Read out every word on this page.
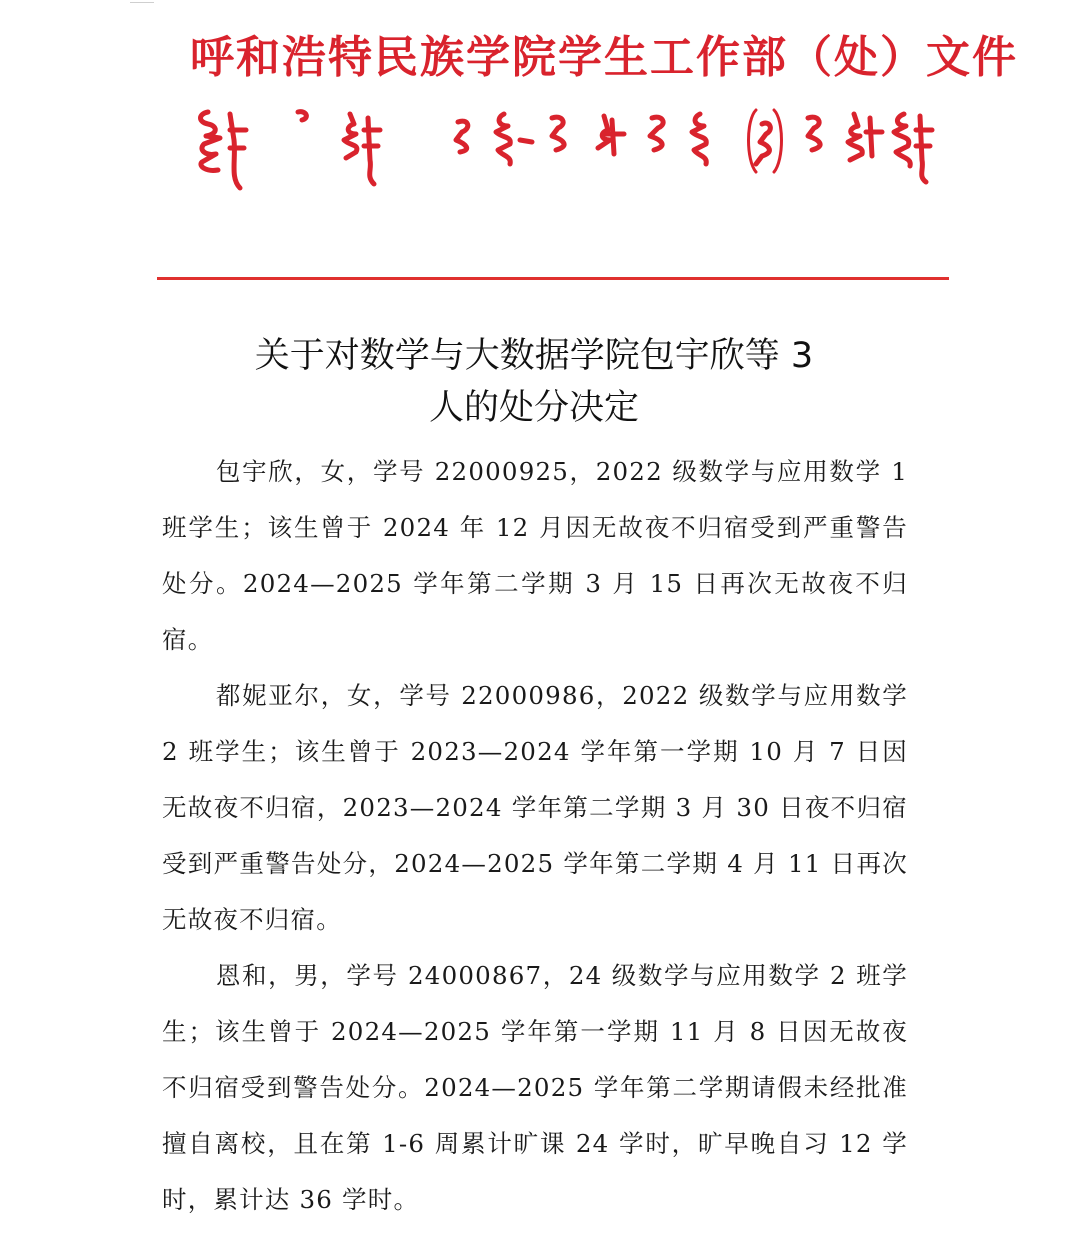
呼和浩特民族学院学生工作部（处）文件
关于对数学与大数据学院包宇欣等 3
人的处分决定

包宇欣，女，学号 22000925，2022 级数学与应用数学 1 班学生；该生曾于 2024 年 12 月因无故夜不归宿受到严重警告处分。2024—2025 学年第二学期 3 月 15 日再次无故夜不归宿。

都妮亚尔，女，学号 22000986，2022 级数学与应用数学 2 班学生；该生曾于 2023—2024 学年第一学期 10 月 7 日因无故夜不归宿，2023—2024 学年第二学期 3 月 30 日夜不归宿受到严重警告处分，2024—2025 学年第二学期 4 月 11 日再次无故夜不归宿。

恩和，男，学号 24000867，24 级数学与应用数学 2 班学生；该生曾于 2024—2025 学年第一学期 11 月 8 日因无故夜不归宿受到警告处分。2024—2025 学年第二学期请假未经批准擅自离校，且在第 1-6 周累计旷课 24 学时，旷早晚自习 12 学时，累计达 36 学时。
